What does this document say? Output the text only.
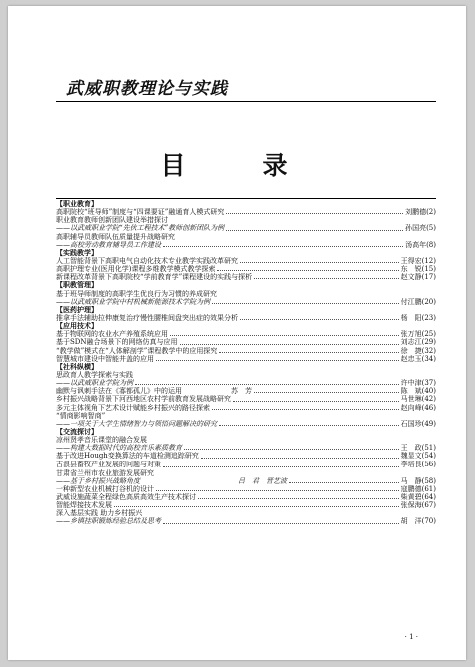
武威职教理论与实践
目　录
【职业教育】
高职院校“班导师”制度与“四课要证”融通育人模式研究	刘鹏德(2)
职业教育教师创新团队建设举措探讨
——以武威职业学院“先伙工程技术”教师创新团队为例	孙国亮(5)
高职辅导员教师队伍质量提升战略研究
——高校劳动教育辅导员工作建设	汤高年(8)
【实践教学】
人工智能背景下高职电气自动化技术专业教学实践改革研究	王得宏(12)
高职护理专业(医用化学)课程多维教学模式教学探索	东　锐(15)
新课程改革背景下高职院校“学前教育学”课程建设的实践与探析	赵文静(17)
【职教管理】
基于班导师制度的高职学生优良行为习惯的养成研究
——以武威职业学院中村机械新能源技术学院为例	付江鹏(20)
【医药护理】
推拿手法辅助拉伸康复治疗慢性腰椎间盘突出症的效果分析	杨　阳(23)
【应用技术】
基于物联网的农业水产养殖系统应用	张万旭(25)
基于SDN融合场景下的网络仿真与应用	刘志江(29)
“教学做”模式在“人体解剖学”课程教学中的应用探究	徐　捷(32)
智慧城市建设中智能井盖的应用	赵忠玉(34)
【社科纵横】
思政育人教学探索与实践
——以武威职业学院为例	许中津(37)
幽默与讽刺手法在《寡都孤儿》中的运用　　　　　　　苏　芳	陈　斌(40)
乡村振兴战略背景下河西地区农村学前教育发展战略研究	马世琳(42)
多元主体视角下艺术设计赋能乡村振兴的路径探索	赵向峰(46)
“情商影响智商”
——一项关于大学生情绪智力与领悟问题解决的研究	石国珍(49)
【交流探讨】
凉州贤孝音乐课堂的融合发展
——构建大数据时代的高校音乐素质教育	王　政(51)
基于改进Hough变换算法的车道检测追踪研究	魏显文(54)
古浪县畜牧产业发展的问题与对策	李培良(56)
甘肃省兰州市农业旅游发展研究
——基于乡村振兴战略角度　　　　　　　　　　　　　　吕　君　晋艺波	马　静(58)
一种新型农业机械打谷机的设计	寇鹏德(61)
武威设施蔬菜全程绿色高质高效生产技术探讨	柴黄碧(64)
智能焊接技术发展	张保海(67)
深入基层实践 助力乡村振兴
——乡镇挂职锻炼经验总结及思考	胡　洋(70)
· 1 ·
